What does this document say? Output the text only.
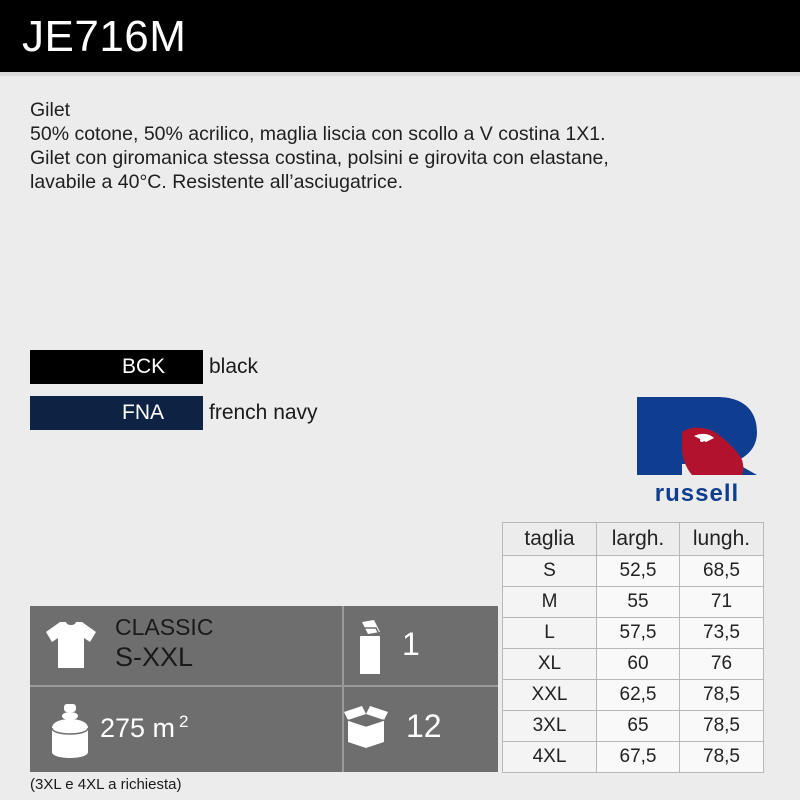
JE716M
Gilet
50% cotone, 50% acrilico, maglia liscia con scollo a V costina 1X1.
Gilet con giromanica stessa costina, polsini e girovita con elastane,
lavabile a 40°C. Resistente all’asciugatrice.
BCK	black
FNA	french navy
russell
taglia	largh.	lungh.
S	52,5	68,5
M	55	71
L	57,5	73,5
XL	60	76
XXL	62,5	78,5
3XL	65	78,5
4XL	67,5	78,5
CLASSIC
S-XXL	1
275 m $^2$	12
(3XL e 4XL a richiesta)
